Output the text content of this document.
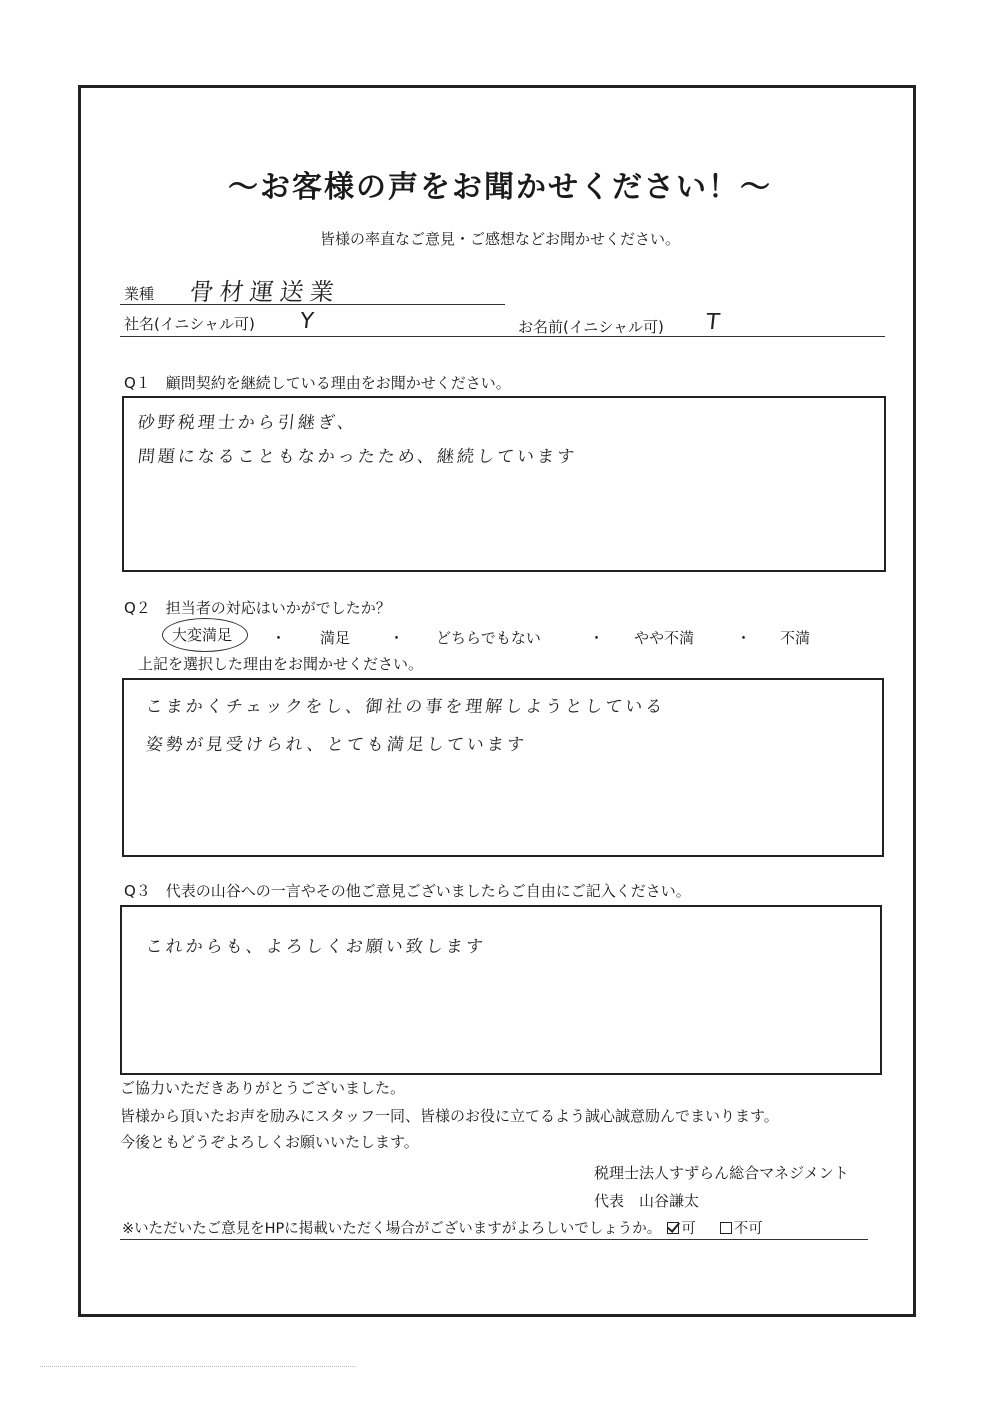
〜お客様の声をお聞かせください！〜
皆様の率直なご意見・ご感想などお聞かせください。
業種 骨材運送業
社名(イニシャル可) Y	お名前(イニシャル可) T
Q１　顧問契約を継続している理由をお聞かせください。
砂野税理士から引継ぎ、
問題になることもなかったため、継続しています
Q２　担当者の対応はいかがでしたか？
大変満足	・ 満足	・ どちらでもない	・ やや不満	・ 不満
上記を選択した理由をお聞かせください。
こまかくチェックをし、御社の事を理解しようとしている
姿勢が見受けられ、とても満足しています
Q３　代表の山谷への一言やその他ご意見ございましたらご自由にご記入ください。
これからも、よろしくお願い致します
ご協力いただきありがとうございました。
皆様から頂いたお声を励みにスタッフ一同、皆様のお役に立てるよう誠心誠意励んでまいります。
今後ともどうぞよろしくお願いいたします。
税理士法人すずらん総合マネジメント
代表　山谷謙太
※いただいたご意見をHPに掲載いただく場合がございますがよろしいでしょうか。 可	不可
